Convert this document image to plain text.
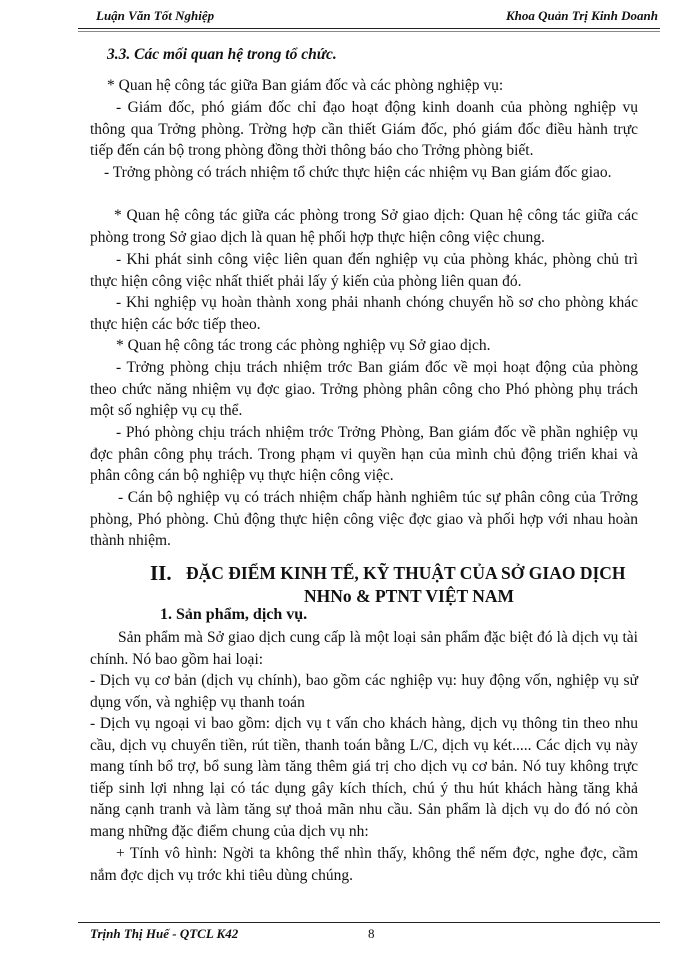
Luận Văn Tốt Nghiệp	Khoa Quản Trị Kinh Doanh
3.3. Các mối quan hệ trong tổ chức.
* Quan hệ công tác giữa Ban giám đốc và các phòng nghiệp vụ:
- Giám đốc, phó giám đốc chỉ đạo hoạt động kinh doanh của phòng nghiệp vụ thông qua Trởng phòng. Trờng hợp cần thiết Giám đốc, phó giám đốc điều hành trực tiếp đến cán bộ trong phòng đồng thời thông báo cho Trởng phòng biết.
- Trởng phòng có trách nhiệm tổ chức thực hiện các nhiệm vụ Ban giám đốc giao.
* Quan hệ công tác giữa các phòng trong Sở giao dịch: Quan hệ công tác giữa các phòng trong Sở giao dịch là quan hệ phối hợp thực hiện công việc chung.
- Khi phát sinh công việc liên quan đến nghiệp vụ của phòng khác, phòng chủ trì thực hiện công việc nhất thiết phải lấy ý kiến của phòng liên quan đó.
- Khi nghiệp vụ hoàn thành xong phải nhanh chóng chuyển hồ sơ cho phòng khác thực hiện các bớc tiếp theo.
* Quan hệ công tác trong các phòng nghiệp vụ Sở giao dịch.
- Trởng phòng chịu trách nhiệm trớc Ban giám đốc về mọi hoạt động của phòng theo chức năng nhiệm vụ đợc giao. Trởng phòng phân công cho Phó phòng phụ trách một số nghiệp vụ cụ thể.
- Phó phòng chịu trách nhiệm trớc Trởng Phòng, Ban giám đốc về phần nghiệp vụ đợc phân công phụ trách. Trong phạm vi quyền hạn của mình chủ động triển khai và phân công cán bộ nghiệp vụ thực hiện công việc.
- Cán bộ nghiệp vụ có trách nhiệm chấp hành nghiêm túc sự phân công của Trởng phòng, Phó phòng. Chủ động thực hiện công việc đợc giao và phối hợp với nhau hoàn thành nhiệm.
II. ĐẶC ĐIỂM KINH TẾ, KỸ THUẬT CỦA SỞ GIAO DỊCH
NHNo & PTNT VIỆT NAM
1. Sản phẩm, dịch vụ.
Sản phẩm mà Sở giao dịch cung cấp là một loại sản phẩm đặc biệt đó là dịch vụ tài chính. Nó bao gồm hai loại:
- Dịch vụ cơ bản (dịch vụ chính), bao gồm các nghiệp vụ: huy động vốn, nghiệp vụ sử dụng vốn, và nghiệp vụ thanh toán
- Dịch vụ ngoại vi bao gồm: dịch vụ t vấn cho khách hàng, dịch vụ thông tin theo nhu cầu, dịch vụ chuyển tiền, rút tiền, thanh toán bằng L/C, dịch vụ két..... Các dịch vụ này mang tính bổ trợ, bổ sung làm tăng thêm giá trị cho dịch vụ cơ bản. Nó tuy không trực tiếp sinh lợi nhng lại có tác dụng gây kích thích, chú ý thu hút khách hàng tăng khả năng cạnh tranh và làm tăng sự thoả mãn nhu cầu. Sản phẩm là dịch vụ do đó nó còn mang những đặc điểm chung của dịch vụ nh:
+ Tính vô hình: Ngời ta không thể nhìn thấy, không thể nếm đợc, nghe đợc, cầm nắm đợc dịch vụ trớc khi tiêu dùng chúng.
Trịnh Thị Huế - QTCL K42	8
